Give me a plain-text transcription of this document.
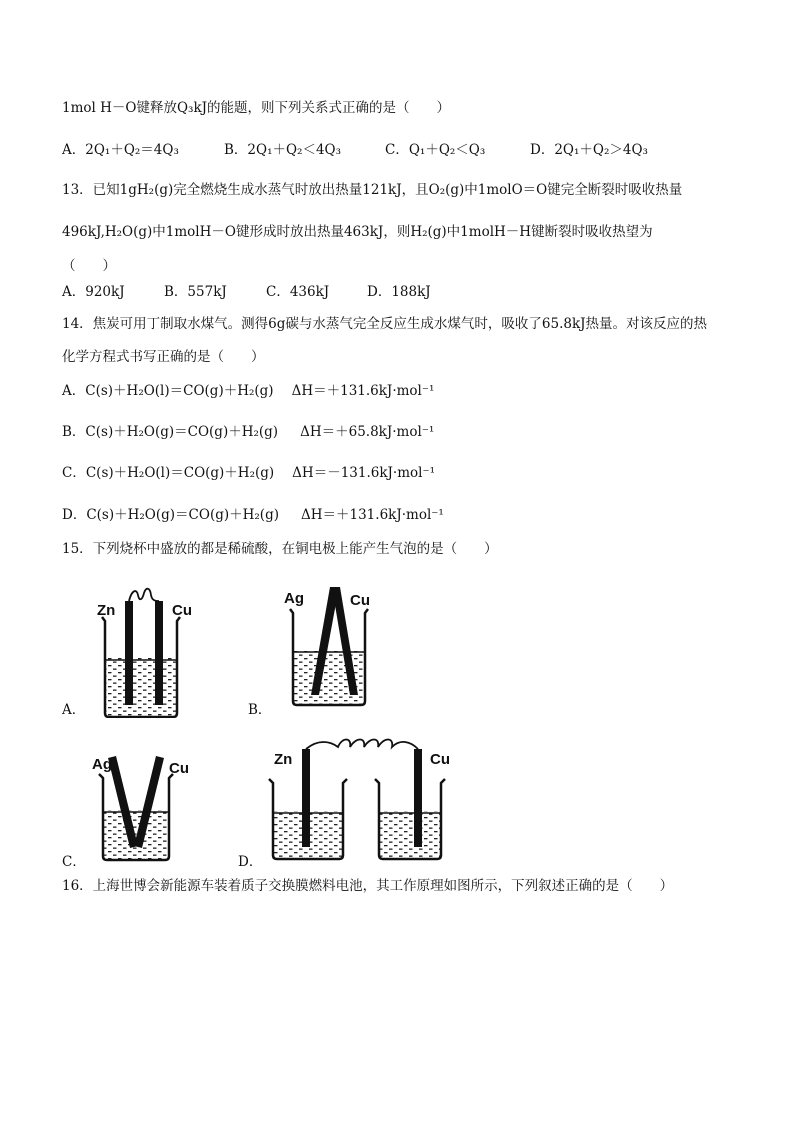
1mol H－O键释放Q₃kJ的能题，则下列关系式正确的是（　　）
A．2Q₁＋Q₂＝4Q₃	B．2Q₁＋Q₂＜4Q₃	C．Q₁＋Q₂＜Q₃	D．2Q₁＋Q₂＞4Q₃
13．已知1gH₂(g)完全燃烧生成水蒸气时放出热量121kJ，且O₂(g)中1molO＝O键完全断裂时吸收热量
496kJ,H₂O(g)中1molH－O键形成时放出热量463kJ，则H₂(g)中1molH－H键断裂时吸收热望为
（　　）
A．920kJ	B．557kJ	C．436kJ	D．188kJ
14．焦炭可用丁制取水煤气。测得6g碳与水蒸气完全反应生成水煤气时，吸收了65.8kJ热量。对该反应的热
化学方程式书写正确的是（　　）
A．C(s)＋H₂O(l)＝CO(g)＋H₂(g) ΔH＝＋131.6kJ·mol⁻¹
B．C(s)＋H₂O(g)＝CO(g)＋H₂(g) ΔH＝＋65.8kJ·mol⁻¹
C．C(s)＋H₂O(l)＝CO(g)＋H₂(g) ΔH＝－131.6kJ·mol⁻¹
D．C(s)＋H₂O(g)＝CO(g)＋H₂(g) ΔH＝＋131.6kJ·mol⁻¹
15．下列烧杯中盛放的都是稀硫酸，在铜电极上能产生气泡的是（　　）
Zn	Cu
A．
Ag	Cu
B．
Ag	Cu
C．
Zn	Cu
D．
16．上海世博会新能源车装着质子交换膜燃料电池，其工作原理如图所示，下列叙述正确的是（　　）
